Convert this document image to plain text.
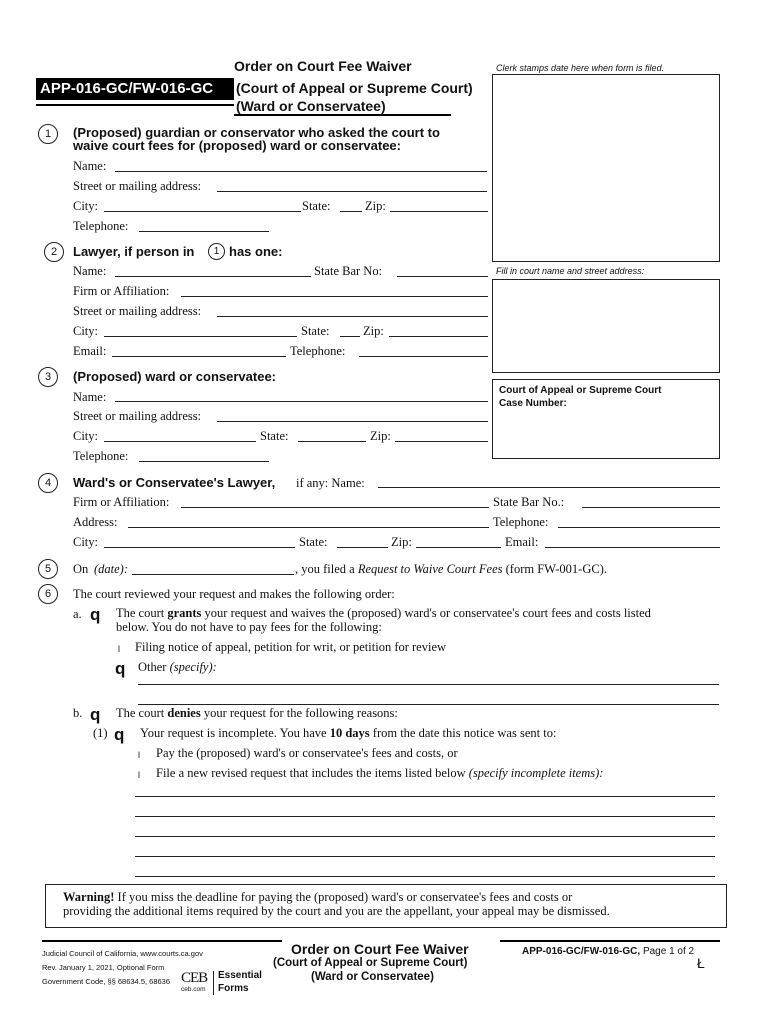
Order on Court Fee Waiver
APP-016-GC/FW-016-GC	(Court of Appeal or Supreme Court)
(Ward or Conservatee)
Clerk stamps date here when form is filed.
Fill in court name and street address:
Court of Appeal or Supreme Court
Case Number:
1	(Proposed) guardian or conservator who asked the court to
waive court fees for (proposed) ward or conservatee:
Name:
Street or mailing address:
City:	State:	Zip:
Telephone:
2	Lawyer, if person in	1 has one:
Name:	State Bar No:
Firm or Affiliation:
Street or mailing address:
City:	State:	Zip:
Email:	Telephone:
3	(Proposed) ward or conservatee:
Name:
Street or mailing address:
City:	State:	Zip:
Telephone:
4	Ward's or Conservatee's Lawyer, if any: Name:
Firm or Affiliation:	State Bar No.:
Address:	Telephone:
City:	State:	Zip:	Email:
5	On (date):	, you filed a Request to Waive Court Fees (form FW-001-GC).
6	The court reviewed your request and makes the following order:
a. q The court grants your request and waives the (proposed) ward's or conservatee's court fees and costs listed
below. You do not have to pay fees for the following:
l Filing notice of appeal, petition for writ, or petition for review
q Other (specify):
b. q The court denies your request for the following reasons:
(1) q Your request is incomplete. You have 10 days from the date this notice was sent to:
l Pay the (proposed) ward's or conservatee's fees and costs, or
l File a new revised request that includes the items listed below (specify incomplete items):
Warning! If you miss the deadline for paying the (proposed) ward's or conservatee's fees and costs or
providing the additional items required by the court and you are the appellant, your appeal may be dismissed.
Judicial Council of California, www.courts.ca.gov
Rev. January 1, 2021, Optional Form
Government Code, §§ 68634.5, 68636 CEB
ceb.com
Essential
Forms
Order on Court Fee Waiver
(Court of Appeal or Supreme Court)
(Ward or Conservatee)
APP-016-GC/FW-016-GC, Page 1 of 2
Ł
